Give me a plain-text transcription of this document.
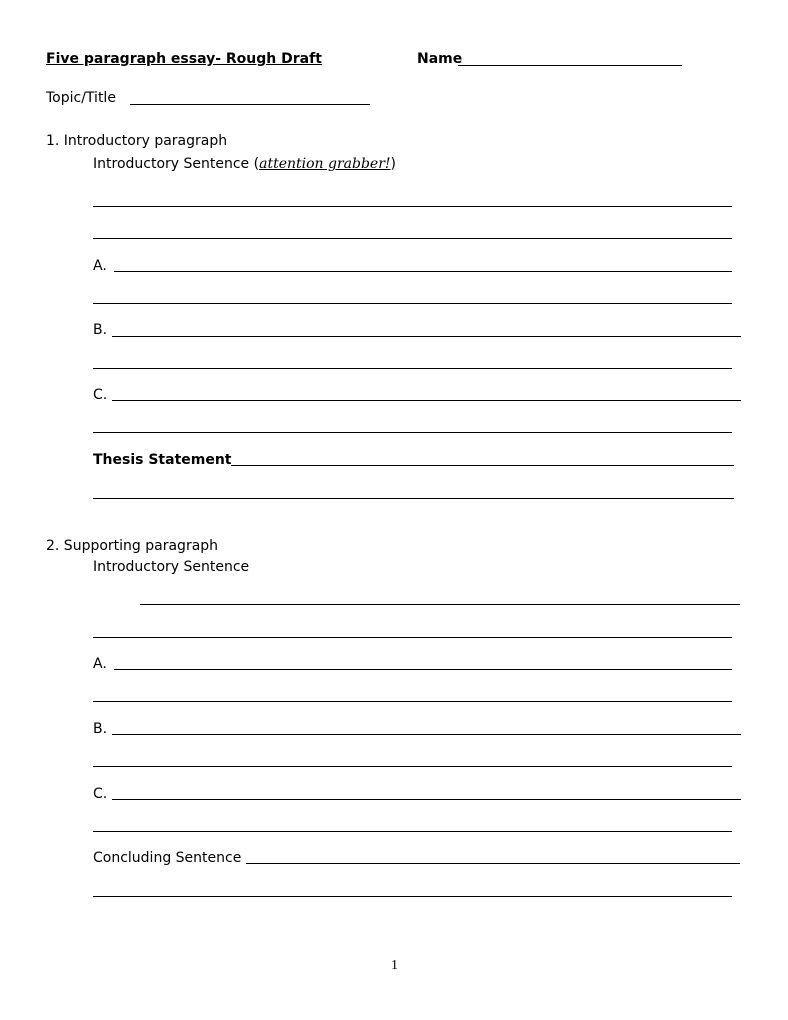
Five paragraph essay- Rough Draft	Name
Topic/Title
1. Introductory paragraph
Introductory Sentence (attention grabber!)
A.
B.
C.
Thesis Statement
2. Supporting paragraph
Introductory Sentence
A.
B.
C.
Concluding Sentence
1
